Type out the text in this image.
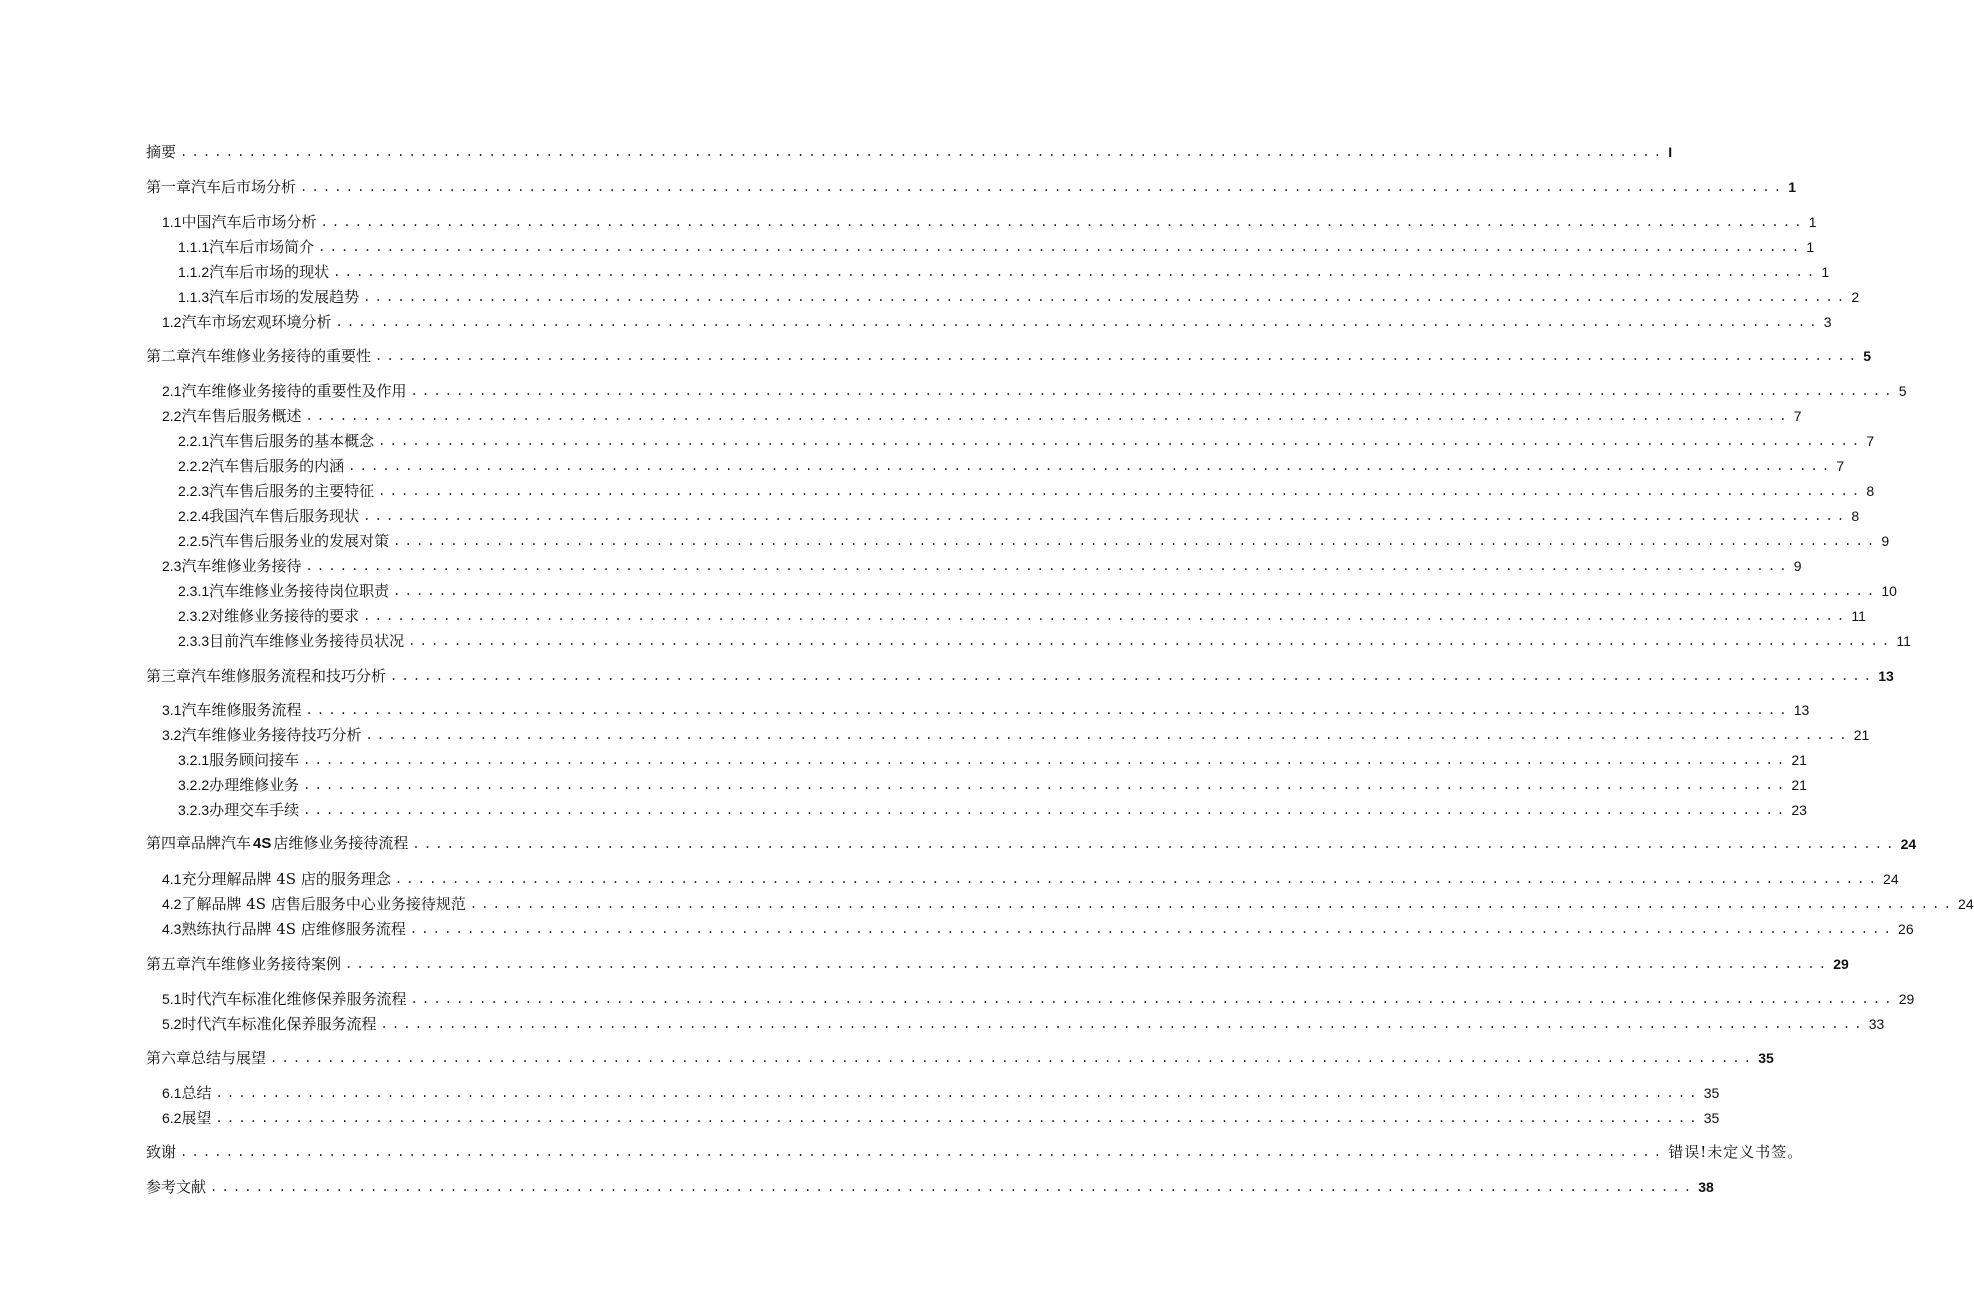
摘要 .................................................................................................................................. I
第一章汽车后市场分析 .................................................................................................................................. 1
1.1 中国汽车后市场分析 .................................................................................................................................. 1
1.1.1 汽车后市场简介 .................................................................................................................................. 1
1.1.2 汽车后市场的现状 .................................................................................................................................. 1
1.1.3 汽车后市场的发展趋势 .................................................................................................................................. 2
1.2 汽车市场宏观环境分析 .................................................................................................................................. 3
第二章汽车维修业务接待的重要性 .................................................................................................................................. 5
2.1 汽车维修业务接待的重要性及作用 .................................................................................................................................. 5
2.2 汽车售后服务概述 .................................................................................................................................. 7
2.2.1 汽车售后服务的基本概念 .................................................................................................................................. 7
2.2.2 汽车售后服务的内涵 .................................................................................................................................. 7
2.2.3 汽车售后服务的主要特征 .................................................................................................................................. 8
2.2.4 我国汽车售后服务现状 .................................................................................................................................. 8
2.2.5 汽车售后服务业的发展对策 .................................................................................................................................. 9
2.3 汽车维修业务接待 .................................................................................................................................. 9
2.3.1 汽车维修业务接待岗位职责 .................................................................................................................................. 10
2.3.2 对维修业务接待的要求 .................................................................................................................................. 11
2.3.3 目前汽车维修业务接待员状况 .................................................................................................................................. 11
第三章汽车维修服务流程和技巧分析 .................................................................................................................................. 13
3.1 汽车维修服务流程 .................................................................................................................................. 13
3.2 汽车维修业务接待技巧分析 .................................................................................................................................. 21
3.2.1 服务顾问接车 .................................................................................................................................. 21
3.2.2 办理维修业务 .................................................................................................................................. 21
3.2.3 办理交车手续 .................................................................................................................................. 23
第四章品牌汽车 4S 店维修业务接待流程 .................................................................................................................................. 24
4.1 充分理解品牌 4S 店的服务理念 .................................................................................................................................. 24
4.2 了解品牌 4S 店售后服务中心业务接待规范 .................................................................................................................................. 24
4.3 熟练执行品牌 4S 店维修服务流程 .................................................................................................................................. 26
第五章汽车维修业务接待案例 .................................................................................................................................. 29
5.1 时代汽车标准化维修保养服务流程 .................................................................................................................................. 29
5.2 时代汽车标准化保养服务流程 .................................................................................................................................. 33
第六章总结与展望 .................................................................................................................................. 35
6.1 总结 .................................................................................................................................. 35
6.2 展望 .................................................................................................................................. 35
致谢 .................................................................................................................................. 错误!未定义书签。
参考文献 .................................................................................................................................. 38
